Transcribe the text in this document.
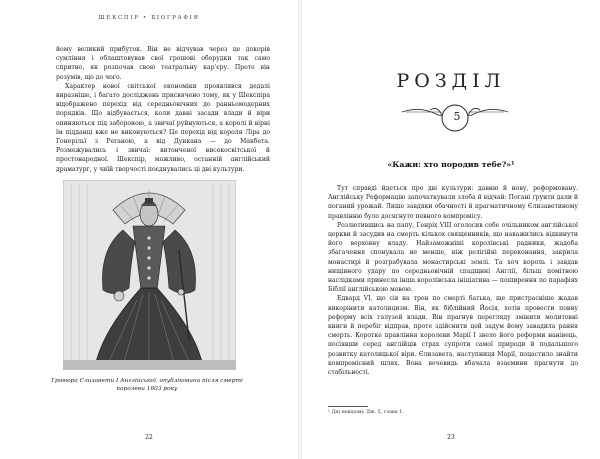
ШЕКСПІР • БІОГРАФІЯ

йому великий прибуток. Він не відчував через це докорів сумління і облаштовував свої грошові оборудки так само спритно, як розпочав свою театральну кар'єру. Проте він розумів, що до чого.

Характер нової світської економіки проявлявся дедалі виразніше, і багато досліджень присвячено тому, як у Шекспіра відображено перехід від середньовічних до ранньомодерних порядків. Що відбувається, коли давні засади влади й віри опиняються під забороною, а звичаї руйнуються, а королі й вірні їм підданці вже не виконуються? Це перехід від короля Ліра до Гонерільї з Реганою, а від Дункана — до Макбета. Розмежувались і звичаї: витонченої високосвітської й простонародної. Шекспір, можливо, останній англійський драматург, у чиїй творчості поєднувались ці дві культури.

Гравюра Єлизавети I Англійської, опублікована після смерті королеви 1603 року
22
РОЗДІЛ
5
«Кажи: хто породив тебе?»¹

Тут справді йдеться про дві культури: давню й нову, реформовану. Англійську Реформацію започаткували злоба й відчай: Погані ґрунти дали й поганий урожай. Лише завдяки обачності й прагматичному Єлизаветиному правлінню було досягнуто певного компромісу.

Розлютившись на папу, Генріх VIII оголосив себе очільником англійської церкви й засудив на смерть кількох священників, що наважились відкинути його верховну владу. Найзаможніші королівські радники, жадоба збагачення спонукала не менше, ніж релігійні переконання, закрила монастирі й розграбувала монастирські землі. Та хоч король і завдав нищівного удару по середньовічній спадщині Англії, більш помітною наслідками принесла інша королівська ініціатива — поширення по парафіях Біблії англійською мовою.

Едвард VI, що сів на трон по смерті батька, ще пристрасніше жадав викорінити католицизм. Він, як біблійний Йосія, хотів провести повну реформу всіх галузей влади. Він прагнув перегляду змінити молитовні книги й перебіг відправ, проте здійснити цей задум йому завадила рання смерть. Коротке правління королеви Марії I звело його реформи нанівець, посіявши серед англійців страх супроти самої природи й подальшого розвитку католицької віри. Єлизавета, наступниця Марії, поцастило знайти компромісний шлях. Вона вочевидь вбачала взаємини прагнути до стабільності.

¹ Дні невідомі: Дж. 5, глава 1.
23
